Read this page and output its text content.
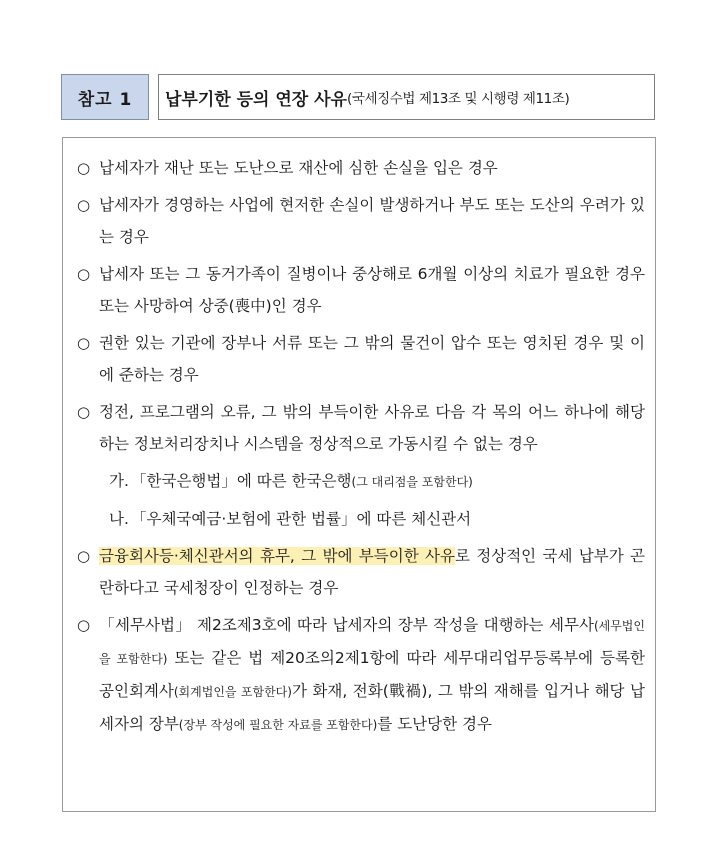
참고 1	납부기한 등의 연장 사유 (국세징수법 제13조 및 시행령 제11조)
○ 납세자가 재난 또는 도난으로 재산에 심한 손실을 입은 경우
○ 납세자가 경영하는 사업에 현저한 손실이 발생하거나 부도 또는 도산의 우려가 있는 경우
○ 납세자 또는 그 동거가족이 질병이나 중상해로 6개월 이상의 치료가 필요한 경우 또는 사망하여 상중(喪中)인 경우
○ 권한 있는 기관에 장부나 서류 또는 그 밖의 물건이 압수 또는 영치된 경우 및 이에 준하는 경우
○ 정전, 프로그램의 오류, 그 밖의 부득이한 사유로 다음 각 목의 어느 하나에 해당하는 정보처리장치나 시스템을 정상적으로 가동시킬 수 없는 경우
가. 「한국은행법」에 따른 한국은행(그 대리점을 포함한다)
나. 「우체국예금·보험에 관한 법률」에 따른 체신관서
○ 금융회사등·체신관서의 휴무, 그 밖에 부득이한 사유로 정상적인 국세 납부가 곤란하다고 국세청장이 인정하는 경우
○ 「세무사법」 제2조제3호에 따라 납세자의 장부 작성을 대행하는 세무사(세무법인을 포함한다) 또는 같은 법 제20조의2제1항에 따라 세무대리업무등록부에 등록한 공인회계사(회계법인을 포함한다)가 화재, 전화(戰禍), 그 밖의 재해를 입거나 해당 납세자의 장부(장부 작성에 필요한 자료를 포함한다)를 도난당한 경우
